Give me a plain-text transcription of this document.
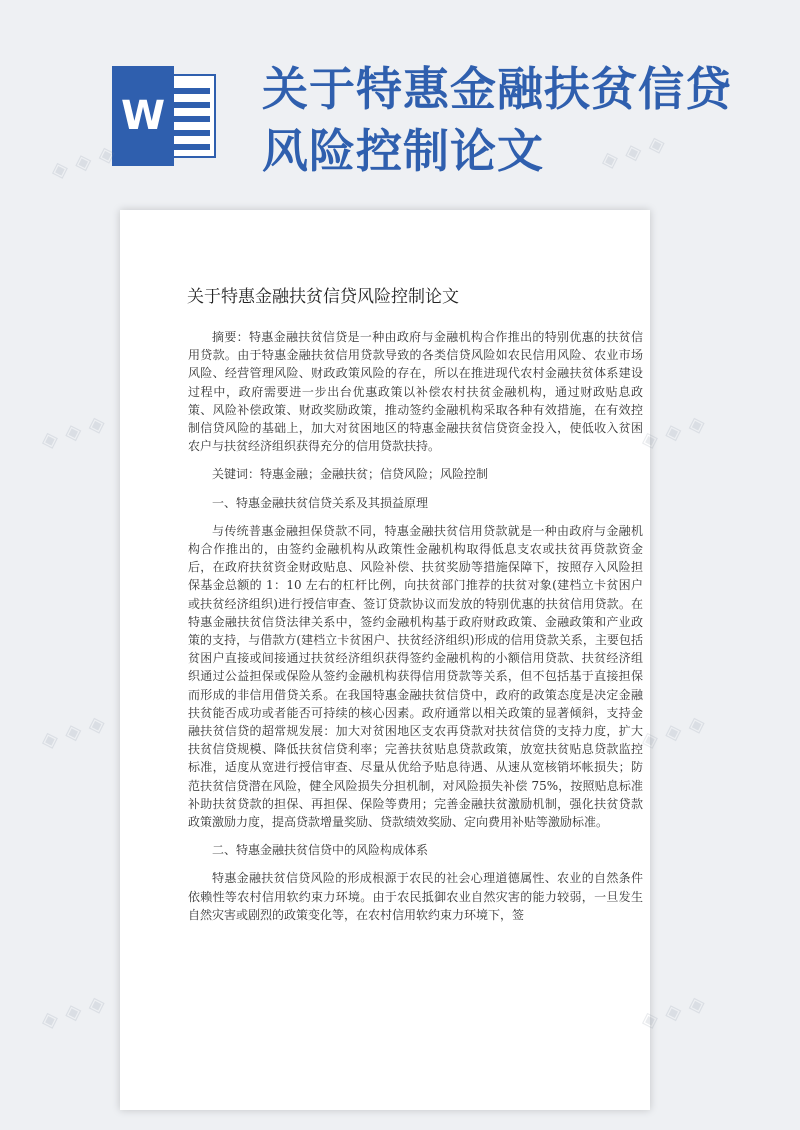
W 关于特惠金融扶贫信贷风险控制论文
关于特惠金融扶贫信贷风险控制论文

摘要：特惠金融扶贫信贷是一种由政府与金融机构合作推出的特别优惠的扶贫信用贷款。由于特惠金融扶贫信用贷款导致的各类信贷风险如农民信用风险、农业市场风险、经营管理风险、财政政策风险的存在，所以在推进现代农村金融扶贫体系建设过程中，政府需要进一步出台优惠政策以补偿农村扶贫金融机构，通过财政贴息政策、风险补偿政策、财政奖励政策，推动签约金融机构采取各种有效措施，在有效控制信贷风险的基础上，加大对贫困地区的特惠金融扶贫信贷资金投入，使低收入贫困农户与扶贫经济组织获得充分的信用贷款扶持。

关键词：特惠金融；金融扶贫；信贷风险；风险控制

一、特惠金融扶贫信贷关系及其损益原理

与传统普惠金融担保贷款不同，特惠金融扶贫信用贷款就是一种由政府与金融机构合作推出的，由签约金融机构从政策性金融机构取得低息支农或扶贫再贷款资金后，在政府扶贫资金财政贴息、风险补偿、扶贫奖励等措施保障下，按照存入风险担保基金总额的 1：10 左右的杠杆比例，向扶贫部门推荐的扶贫对象(建档立卡贫困户或扶贫经济组织)进行授信审查、签订贷款协议而发放的特别优惠的扶贫信用贷款。在特惠金融扶贫信贷法律关系中，签约金融机构基于政府财政政策、金融政策和产业政策的支持，与借款方(建档立卡贫困户、扶贫经济组织)形成的信用贷款关系，主要包括贫困户直接或间接通过扶贫经济组织获得签约金融机构的小额信用贷款、扶贫经济组织通过公益担保或保险从签约金融机构获得信用贷款等关系，但不包括基于直接担保而形成的非信用借贷关系。在我国特惠金融扶贫信贷中，政府的政策态度是决定金融扶贫能否成功或者能否可持续的核心因素。政府通常以相关政策的显著倾斜，支持金融扶贫信贷的超常规发展：加大对贫困地区支农再贷款对扶贫信贷的支持力度，扩大扶贫信贷规模、降低扶贫信贷利率；完善扶贫贴息贷款政策，放宽扶贫贴息贷款监控标准，适度从宽进行授信审查、尽量从优给予贴息待遇、从速从宽核销坏帐损失；防范扶贫信贷潜在风险，健全风险损失分担机制，对风险损失补偿 75%，按照贴息标准补助扶贫贷款的担保、再担保、保险等费用；完善金融扶贫激励机制，强化扶贫贷款政策激励力度，提高贷款增量奖励、贷款绩效奖励、定向费用补贴等激励标准。

二、特惠金融扶贫信贷中的风险构成体系

特惠金融扶贫信贷风险的形成根源于农民的社会心理道德属性、农业的自然条件依赖性等农村信用软约束力环境。由于农民抵御农业自然灾害的能力较弱，一旦发生自然灾害或剧烈的政策变化等，在农村信用软约束力环境下，签

◈ ◈ ◈	◈ ◈ ◈
◈ ◈ ◈	◈ ◈ ◈
◈ ◈ ◈	◈ ◈ ◈
◈ ◈ ◈	◈ ◈ ◈
